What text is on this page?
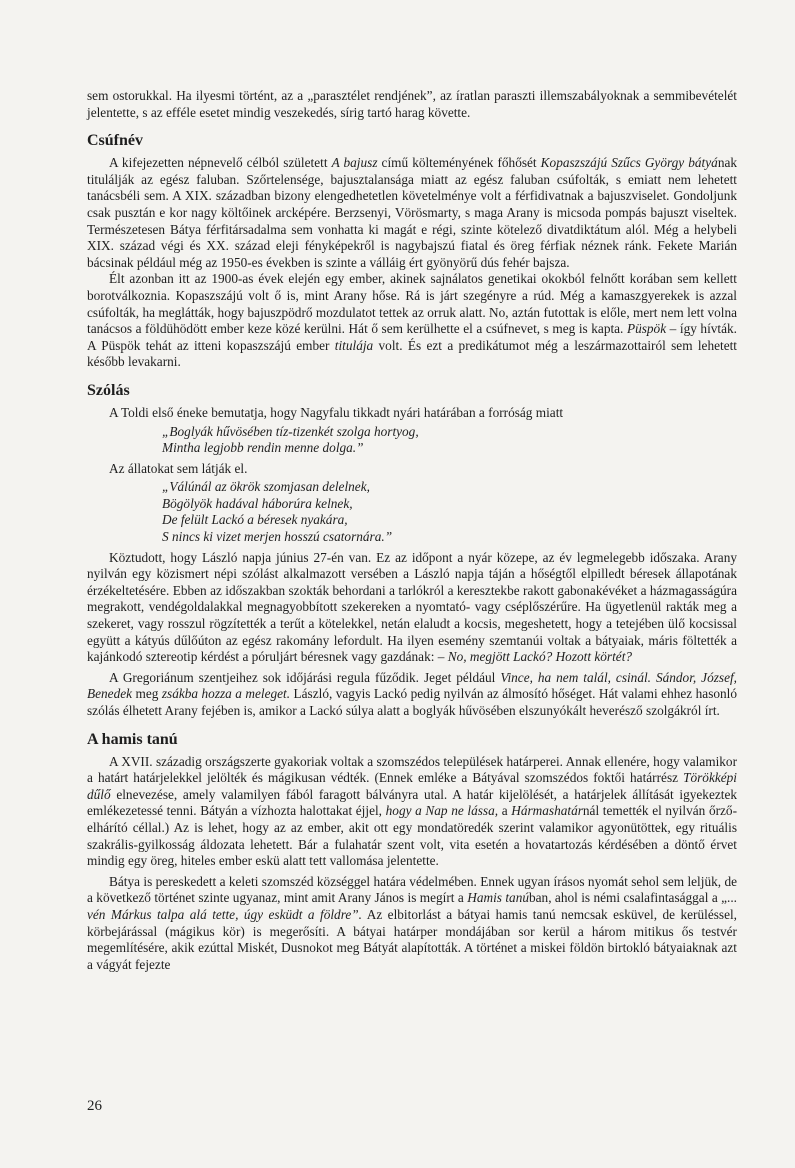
sem ostorukkal. Ha ilyesmi történt, az a „parasztélet rendjének”, az íratlan paraszti illemszabályoknak a semmibevételét jelentette, s az efféle esetet mindig veszekedés, sírig tartó harag követte.

Csúfnév

A kifejezetten népnevelő célból született A bajusz című költeményének főhősét Kopaszszájú Szűcs György bátyának titulálják az egész faluban. Szőrtelensége, bajusztalansága miatt az egész faluban csúfolták, s emiatt nem lehetett tanácsbéli sem. A XIX. században bizony elengedhetetlen követelménye volt a férfidivatnak a bajuszviselet. Gondoljunk csak pusztán e kor nagy költőinek arcképére. Berzsenyi, Vörösmarty, s maga Arany is micsoda pompás bajuszt viseltek. Természetesen Bátya férfitársadalma sem vonhatta ki magát e régi, szinte kötelező divatdiktátum alól. Még a helybeli XIX. század végi és XX. század eleji fényképekről is nagybajszú fiatal és öreg férfiak néznek ránk. Fekete Marián bácsinak például még az 1950-es években is szinte a válláig ért gyönyörű dús fehér bajsza.

Élt azonban itt az 1900-as évek elején egy ember, akinek sajnálatos genetikai okokból felnőtt korában sem kellett borotválkoznia. Kopaszszájú volt ő is, mint Arany hőse. Rá is járt szegényre a rúd. Még a kamaszgyerekek is azzal csúfolták, ha meglátták, hogy bajuszpödrő mozdulatot tettek az orruk alatt. No, aztán futottak is előle, mert nem lett volna tanácsos a földühödött ember keze közé kerülni. Hát ő sem kerülhette el a csúfnevet, s meg is kapta. Püspök – így hívták. A Püspök tehát az itteni kopaszszájú ember titulája volt. És ezt a predikátumot még a leszármazottairól sem lehetett később levakarni.

Szólás

A Toldi első éneke bemutatja, hogy Nagyfalu tikkadt nyári határában a forróság miatt

„Boglyák hűvösében tíz-tizenkét szolga hortyog,
Mintha legjobb rendin menne dolga.”

Az állatokat sem látják el.

„Válúnál az ökrök szomjasan delelnek,
Bögölyök hadával háborúra kelnek,
De felült Lackó a béresek nyakára,
S nincs ki vizet merjen hosszú csatornára.”

Köztudott, hogy László napja június 27-én van. Ez az időpont a nyár közepe, az év legmelegebb időszaka. Arany nyilván egy közismert népi szólást alkalmazott versében a László napja táján a hőségtől elpilledt béresek állapotának érzékeltetésére. Ebben az időszakban szokták behordani a tarlókról a keresztekbe rakott gabonakévéket a házmagasságúra megrakott, vendégoldalakkal megnagyobbított szekereken a nyomtató- vagy cséplőszérűre. Ha ügyetlenül rakták meg a szekeret, vagy rosszul rögzítették a terűt a kötelekkel, netán elaludt a kocsis, megeshetett, hogy a tetejében ülő kocsissal együtt a kátyús dűlőúton az egész rakomány lefordult. Ha ilyen esemény szemtanúi voltak a bátyaiak, máris föltették a kajánkodó sztereotip kérdést a póruljárt béresnek vagy gazdának: – No, megjött Lackó? Hozott körtét?

A Gregoriánum szentjeihez sok időjárási regula fűződik. Jeget például Vince, ha nem talál, csinál. Sándor, József, Benedek meg zsákba hozza a meleget. László, vagyis Lackó pedig nyilván az álmosító hőséget. Hát valami ehhez hasonló szólás élhetett Arany fejében is, amikor a Lackó súlya alatt a boglyák hűvösében elszunyókált heverésző szolgákról írt.

A hamis tanú

A XVII. századig országszerte gyakoriak voltak a szomszédos települések határperei. Annak ellenére, hogy valamikor a határt határjelekkel jelölték és mágikusan védték. (Ennek emléke a Bátyával szomszédos foktői határrész Törökképi dűlő elnevezése, amely valamilyen fából faragott bálványra utal. A határ kijelölését, a határjelek állítását igyekeztek emlékezetessé tenni. Bátyán a vízhozta halottakat éjjel, hogy a Nap ne lássa, a Hármashatárnál temették el nyilván őrző-elhárító céllal.) Az is lehet, hogy az az ember, akit ott egy mondatöredék szerint valamikor agyonütöttek, egy rituális szakrális-gyilkosság áldozata lehetett. Bár a fulahatár szent volt, vita esetén a hovatartozás kérdésében a döntő érvet mindig egy öreg, hiteles ember eskü alatt tett vallomása jelentette.

Bátya is pereskedett a keleti szomszéd községgel határa védelmében. Ennek ugyan írásos nyomát sehol sem leljük, de a következő történet szinte ugyanaz, mint amit Arany János is megírt a Hamis tanúban, ahol is némi csalafintasággal a „... vén Márkus talpa alá tette, úgy esküdt a földre”. Az elbitorlást a bátyai hamis tanú nemcsak esküvel, de kerüléssel, körbejárással (mágikus kör) is megerősíti. A bátyai határper mondájában sor kerül a három mitikus ős testvér megemlítésére, akik ezúttal Miskét, Dusnokot meg Bátyát alapították. A történet a miskei földön birtokló bátyaiaknak azt a vágyát fejezte

26
